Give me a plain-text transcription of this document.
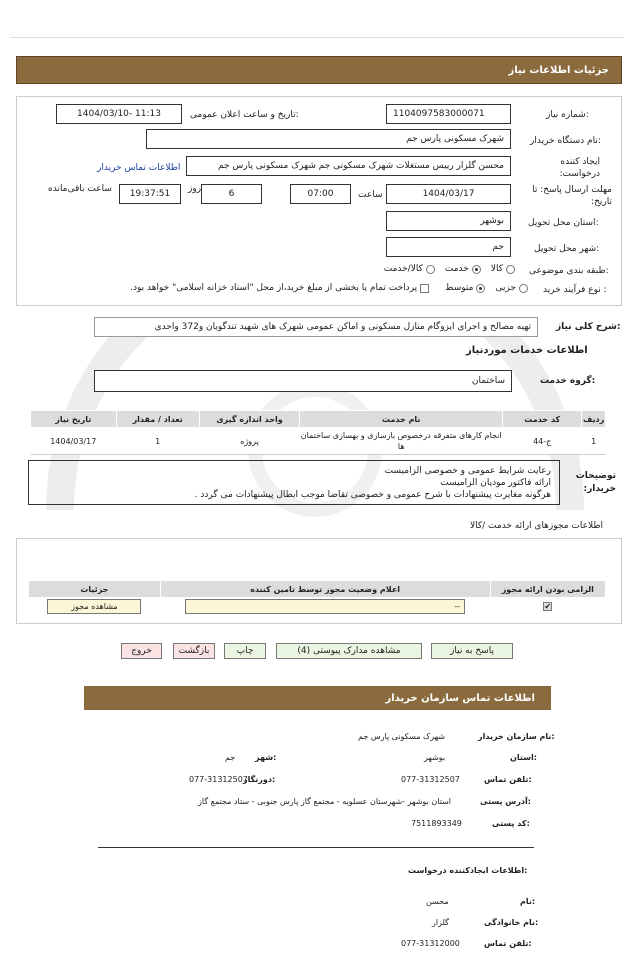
جزئیات اطلاعات نیاز
شماره نیاز:
1104097583000071
تاریخ و ساعت اعلان عمومی:
1404/03/10- 11:13
نام دستگاه خریدار:
شهرک مسکونی پارس جم
ایجاد کننده درخواست:
محسن گلزار رییس مستغلات شهرک مسکونی جم شهرک مسکونی پارس جم
اطلاعات تماس خریدار
مهلت ارسال پاسخ: تا تاریخ:
1404/03/17
ساعت
07:00
6
روز
19:37:51
ساعت باقی‌مانده
استان محل تحویل:
بوشهر
شهر محل تحویل:
جم
طبقه بندی موضوعی:
کالا
خدمت
کالا/خدمت
نوع فرآیند خرید :
جزیی
متوسط
پرداخت تمام یا بخشی از مبلغ خرید،از محل "اسناد خزانه اسلامی" خواهد بود.
شرح کلی نیاز:
تهیه مصالح و اجرای ایزوگام منازل مسکونی و اماکن عمومی شهرک های شهید تندگویان و372 واحدی
اطلاعات خدمات موردنیاز
گروه خدمت:
ساختمان
ردیف	کد خدمت	نام خدمت	واحد اندازه گیری	تعداد / مقدار	تاریخ نیاز
1	ج-44	انجام کارهای متفرقه درخصوص بازسازی و بهسازی ساختمان ها	پروژه	1	1404/03/17
توضیحات خریدار:
رعایت شرایط عمومی و خصوصی الزامیست
ارائه فاکتور مودیان الزامیست
هرگونه مغایرت پیشنهادات با شرح عمومی و خصوصی تقاضا موجب ابطال پیشنهادات می گردد .
اطلاعات مجوزهای ارائه خدمت /کالا
الزامی بودن ارائه مجوز	اعلام وضعیت مجوز توسط تامین کننده	جزئیات
✔	--	مشاهده مجوز
پاسخ به نیاز
مشاهده مدارک پیوستی (4)
چاپ
بازگشت
خروج
اطلاعات تماس سازمان خریدار
نام سازمان خریدار:
شهرک مسکونی پارس جم
استان:
بوشهر
شهر:
جم
تلفن تماس:
077-31312507
دورنگار:
077-31312507
آدرس پستی:
استان بوشهر -شهرستان عسلویه - مجتمع گاز پارس جنوبی - ستاد مجتمع گاز
کد پستی:
7511893349
اطلاعات ایجادکننده درخواست:
نام:
محسن
نام خانوادگی:
گلزار
تلفن تماس:
077-31312000
